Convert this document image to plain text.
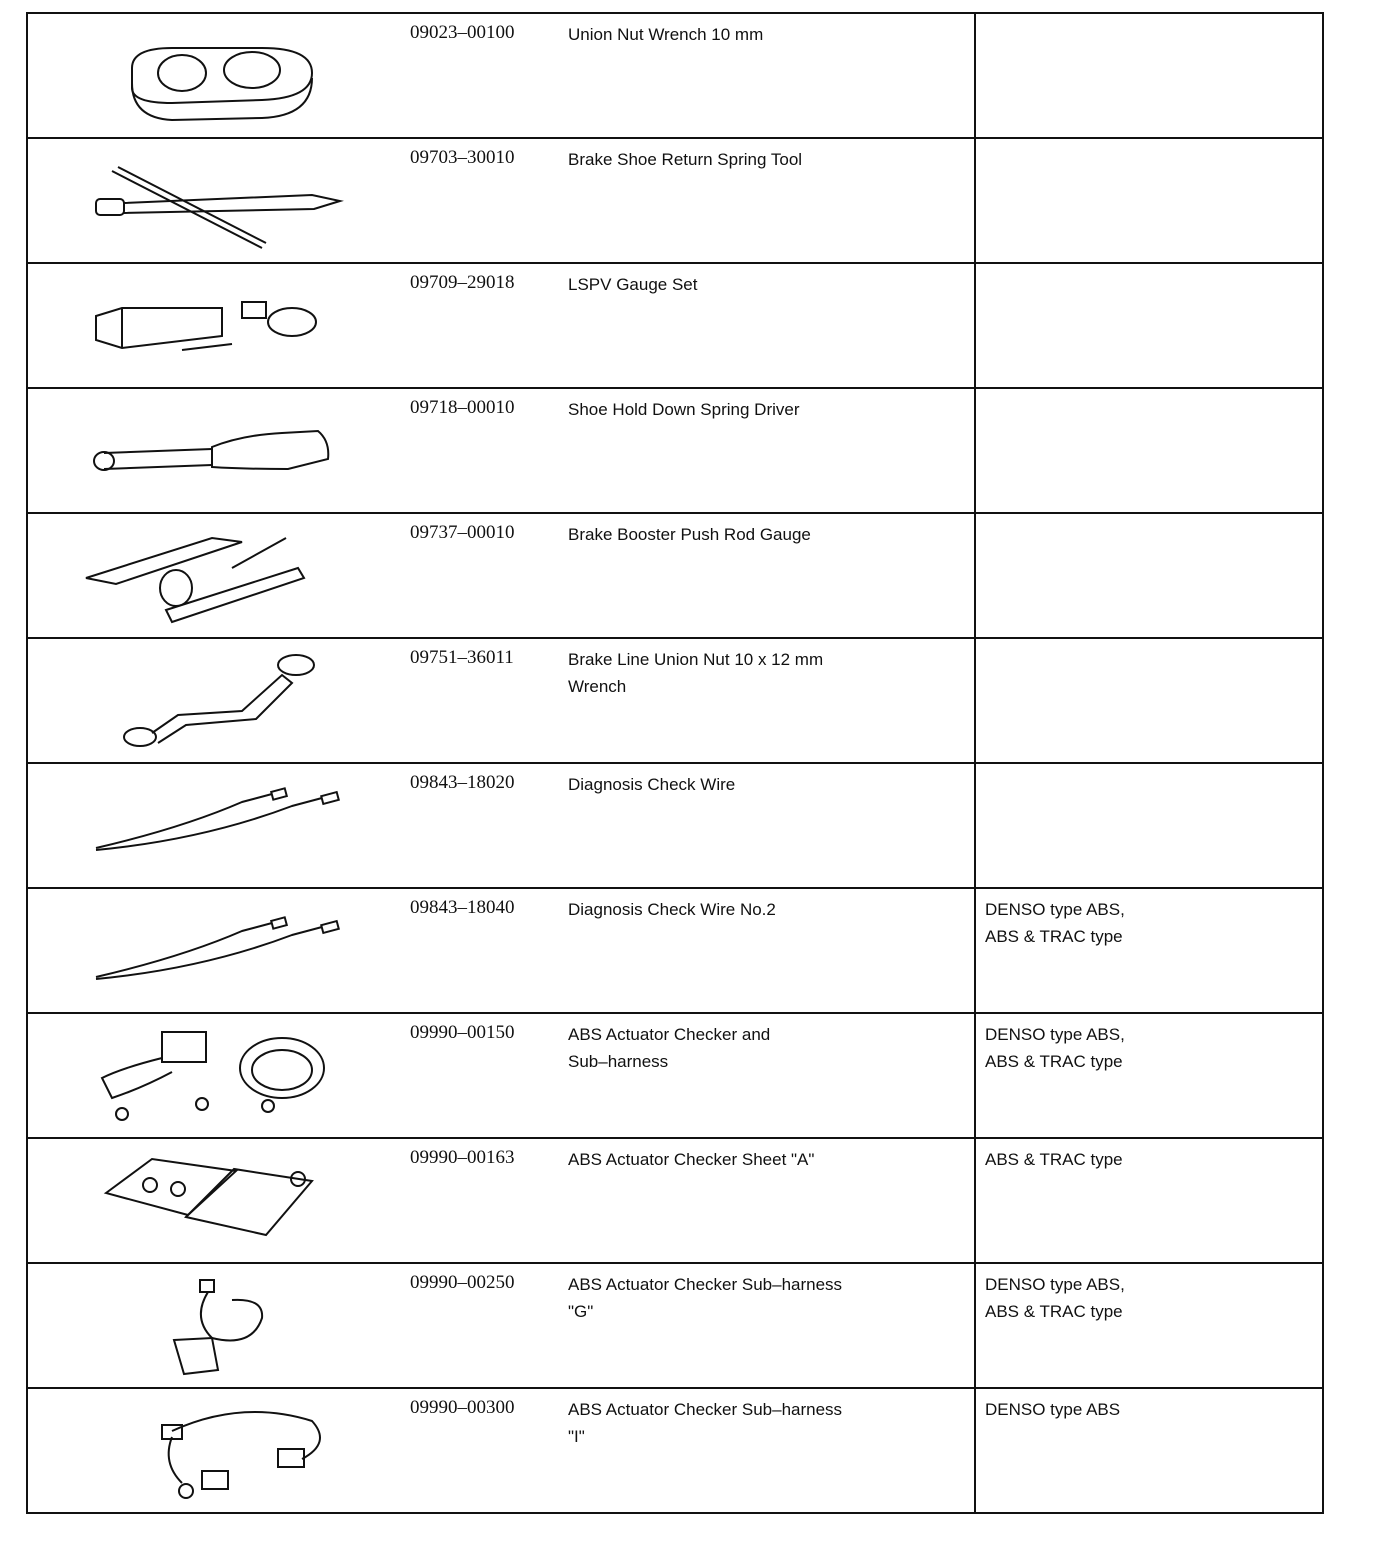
09023–00100 Union Nut Wrench 10 mm	

09703–30010 Brake Shoe Return Spring Tool	

09709–29018 LSPV Gauge Set	

09718–00010 Shoe Hold Down Spring Driver	

09737–00010 Brake Booster Push Rod Gauge	

09751–36011 Brake Line Union Nut 10 x 12 mm
Wrench	

09843–18020 Diagnosis Check Wire	

09843–18040 Diagnosis Check Wire No.2	DENSO type ABS,
ABS & TRAC type

09990–00150 ABS Actuator Checker and
Sub–harness	DENSO type ABS,
ABS & TRAC type

09990–00163 ABS Actuator Checker Sheet "A"	ABS & TRAC type

09990–00250 ABS Actuator Checker Sub–harness
"G"	DENSO type ABS,
ABS & TRAC type

09990–00300 ABS Actuator Checker Sub–harness
"I"	DENSO type ABS
